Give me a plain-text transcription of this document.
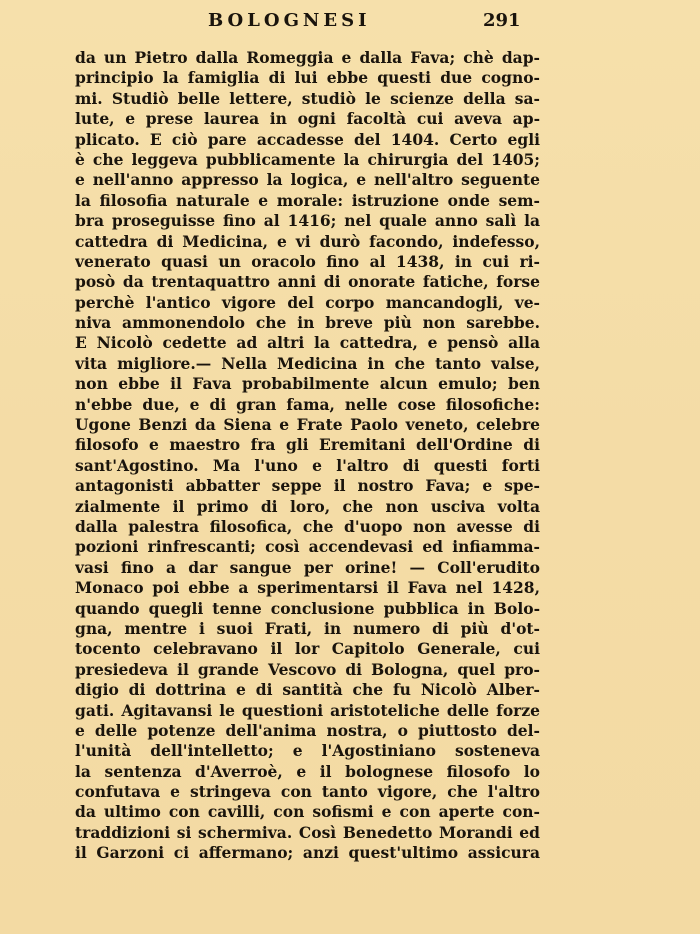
BOLOGNESI	291
da un Pietro dalla Romeggia e dalla Fava; chè dap-
principio la famiglia di lui ebbe questi due cogno-
mi. Studiò belle lettere, studiò le scienze della sa-
lute, e prese laurea in ogni facoltà cui aveva ap-
plicato. E ciò pare accadesse del 1404. Certo egli
è che leggeva pubblicamente la chirurgia del 1405;
e nell'anno appresso la logica, e nell'altro seguente
la filosofia naturale e morale: istruzione onde sem-
bra proseguisse fino al 1416; nel quale anno salì la
cattedra di Medicina, e vi durò facondo, indefesso,
venerato quasi un oracolo fino al 1438, in cui ri-
posò da trentaquattro anni di onorate fatiche, forse
perchè l'antico vigore del corpo mancandogli, ve-
niva ammonendolo che in breve più non sarebbe.
E Nicolò cedette ad altri la cattedra, e pensò alla
vita migliore.— Nella Medicina in che tanto valse,
non ebbe il Fava probabilmente alcun emulo; ben
n'ebbe due, e di gran fama, nelle cose filosofiche:
Ugone Benzi da Siena e Frate Paolo veneto, celebre
filosofo e maestro fra gli Eremitani dell'Ordine di
sant'Agostino. Ma l'uno e l'altro di questi forti
antagonisti abbatter seppe il nostro Fava; e spe-
zialmente il primo di loro, che non usciva volta
dalla palestra filosofica, che d'uopo non avesse di
pozioni rinfrescanti; così accendevasi ed infiamma-
vasi fino a dar sangue per orine! — Coll'erudito
Monaco poi ebbe a sperimentarsi il Fava nel 1428,
quando quegli tenne conclusione pubblica in Bolo-
gna, mentre i suoi Frati, in numero di più d'ot-
tocento celebravano il lor Capitolo Generale, cui
presiedeva il grande Vescovo di Bologna, quel pro-
digio di dottrina e di santità che fu Nicolò Alber-
gati. Agitavansi le questioni aristoteliche delle forze
e delle potenze dell'anima nostra, o piuttosto del-
l'unità dell'intelletto; e l'Agostiniano sosteneva
la sentenza d'Averroè, e il bolognese filosofo lo
confutava e stringeva con tanto vigore, che l'altro
da ultimo con cavilli, con sofismi e con aperte con-
traddizioni si schermiva. Così Benedetto Morandi ed
il Garzoni ci affermano; anzi quest'ultimo assicura
